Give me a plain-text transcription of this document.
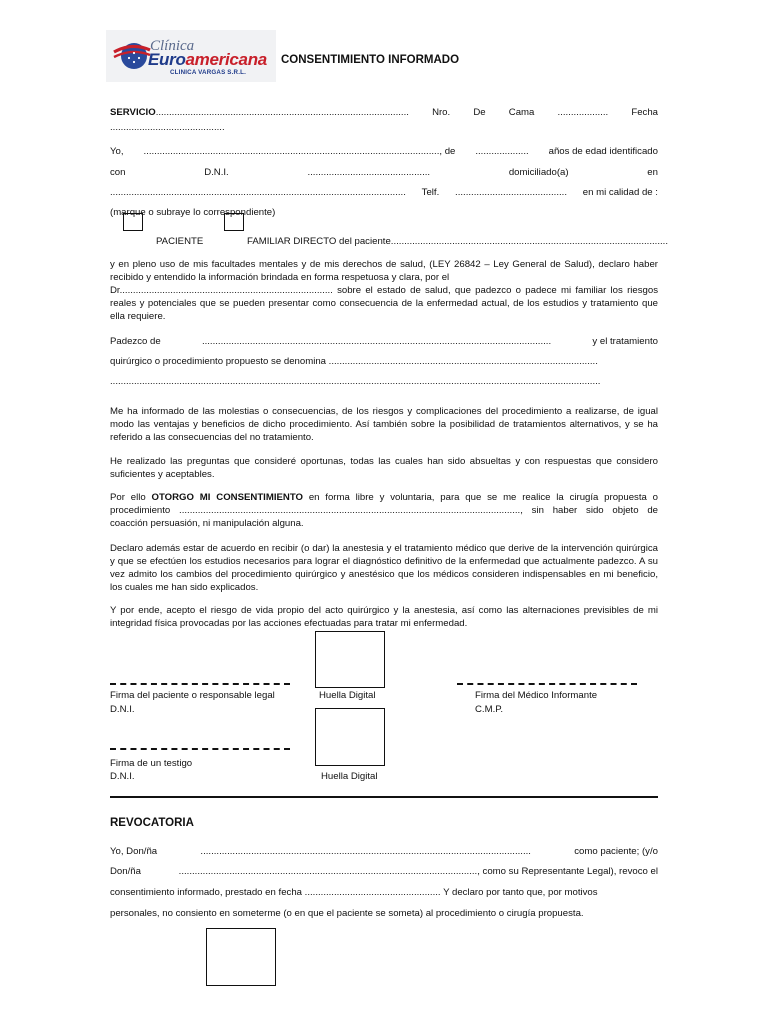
Clínica
Euroamericana
CLINICA VARGAS S.R.L.
CONSENTIMIENTO INFORMADO
SERVICIO............................................................................................... Nro. De Cama ................... Fecha
...........................................
Yo, ..............................................................................................................., de .................... años de edad identificado
con	D.N.I.	..............................................	domiciliado(a)	en
............................................................................................................... Telf. .......................................... en mi calidad de :
(marque o subraye lo correspondiente)
PACIENTE	FAMILIAR DIRECTO del paciente........................................................................................................
y en pleno uso de mis facultades mentales y de mis derechos de salud, (LEY 26842 – Ley General de Salud), declaro haber recibido y entendido la información brindada en forma respetuosa y clara, por el
Dr................................................................................ sobre el estado de salud, que padezco o padece mi familiar los riesgos reales y potenciales que se pueden presentar como consecuencia de la enfermedad actual, de los estudios y tratamiento que ella requiere.
Padezco de	...................................................................................................................................	y el tratamiento
quirúrgico o procedimiento propuesto se denomina .....................................................................................................
........................................................................................................................................................................................
Me ha informado de las molestias o consecuencias, de los riesgos y complicaciones del procedimiento a realizarse, de igual modo las ventajas y beneficios de dicho procedimiento. Así también sobre la posibilidad de tratamientos alternativos, y se ha referido a las consecuencias del no tratamiento.
He realizado las preguntas que consideré oportunas, todas las cuales han sido absueltas y con respuestas que considero suficientes y aceptables.
Por ello OTORGO MI CONSENTIMIENTO en forma libre y voluntaria, para que se me realice la cirugía propuesta o procedimiento ................................................................................................................................, sin haber sido objeto de coacción persuasión, ni manipulación alguna.
Declaro además estar de acuerdo en recibir (o dar) la anestesia y el tratamiento médico que derive de la intervención quirúrgica y que se efectúen los estudios necesarios para lograr el diagnóstico definitivo de la enfermedad que actualmente padezco. A su vez admito los cambios del procedimiento quirúrgico y anestésico que los médicos consideren indispensables en mi beneficio, los cuales me han sido explicados.
Y por ende, acepto el riesgo de vida propio del acto quirúrgico y la anestesia, así como las alternaciones previsibles de mi integridad física provocadas por las acciones efectuadas para tratar mi enfermedad.
Firma del paciente o responsable legal
D.N.I.
Huella Digital	Firma del Médico Informante
C.M.P.
Firma de un testigo
D.N.I.	Huella Digital
REVOCATORIA
Yo, Don/ña	............................................................................................................................	como paciente; (y/o
Don/ña	................................................................................................................, como su Representante Legal), revoco el
consentimiento informado, prestado en fecha ................................................... Y declaro por tanto que, por motivos
personales, no consiento en someterme (o en que el paciente se someta) al procedimiento o cirugía propuesta.
